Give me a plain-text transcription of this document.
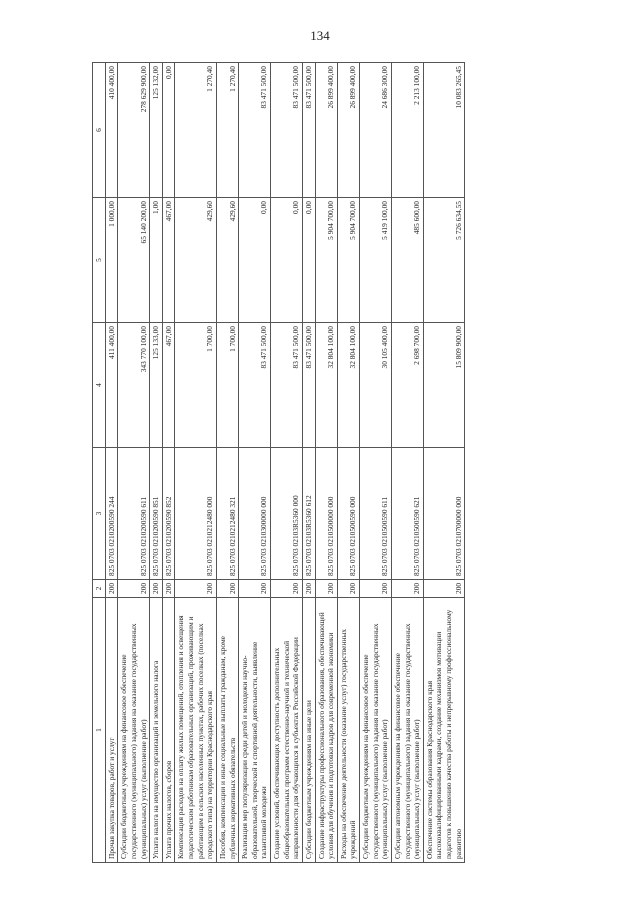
134
1	2	3	4	5	6
Прочая закупка товаров, работ и услуг	200	825 0703 0210200590 244	411 400,00	1 000,00	410 400,00
Субсидии бюджетным учреждениям на финансовое обеспечение государственного (муниципального) задания на оказание государственных (муниципальных) услуг (выполнение работ)	200	825 0703 0210200590 611	343 770 100,00	65 140 200,00	278 629 900,00
Уплата налога на имущество организаций и земельного налога	200	825 0703 0210200590 851	125 133,00	1,00	125 132,00
Уплата прочих налогов, сборов	200	825 0703 0210200590 852	467,00	467,00	0,00
Компенсация расходов на оплату жилых помещений, отопления и освещения педагогическим работникам образовательных организаций, проживающим и работающим в сельских населенных пунктах, рабочих поселках (поселках городского типа) на территории Краснодарского края	200	825 0703 0210212480 000	1 700,00	429,60	1 270,40
Пособия, компенсации и иные социальные выплаты гражданам, кроме публичных нормативных обязательств	200	825 0703 0210212480 321	1 700,00	429,60	1 270,40
Реализация мер популяризации среди детей и молодежи научно-образовательной, творческой и спортивной деятельности, выявление талантливой молодежи	200	825 0703 0210300000 000	83 471 500,00	0,00	83 471 500,00
Создание условий, обеспечивающих доступность дополнительных общеобразовательных программ естественно-научной и технической направленности для обучающихся в субъектах Российской Федерации	200	825 0703 02103R5360 000	83 471 500,00	0,00	83 471 500,00
Субсидии бюджетным учреждениям на иные цели	200	825 0703 02103R5360 612	83 471 500,00	0,00	83 471 500,00
Создание инфраструктуры профессионального образования, обеспечивающей условия для обучения и подготовки кадров для современной экономики	200	825 0703 0210500000 000	32 804 100,00	5 904 700,00	26 899 400,00
Расходы на обеспечение деятельности (оказание услуг) государственных учреждений	200	825 0703 0210500590 000	32 804 100,00	5 904 700,00	26 899 400,00
Субсидии бюджетным учреждениям на финансовое обеспечение государственного (муниципального) задания на оказание государственных (муниципальных) услуг (выполнение работ)	200	825 0703 0210500590 611	30 105 400,00	5 419 100,00	24 686 300,00
Субсидии автономным учреждениям на финансовое обеспечение государственного (муниципального) задания на оказание государственных (муниципальных) услуг (выполнение работ)	200	825 0703 0210500590 621	2 698 700,00	485 600,00	2 213 100,00
Обеспечение системы образования Краснодарского края высококвалифицированными кадрами, создание механизмов мотивации педагогов к повышению качества работы и непрерывному профессиональному развитию	200	825 0703 0210700000 000	15 809 900,00	5 726 634,55	10 083 265,45
